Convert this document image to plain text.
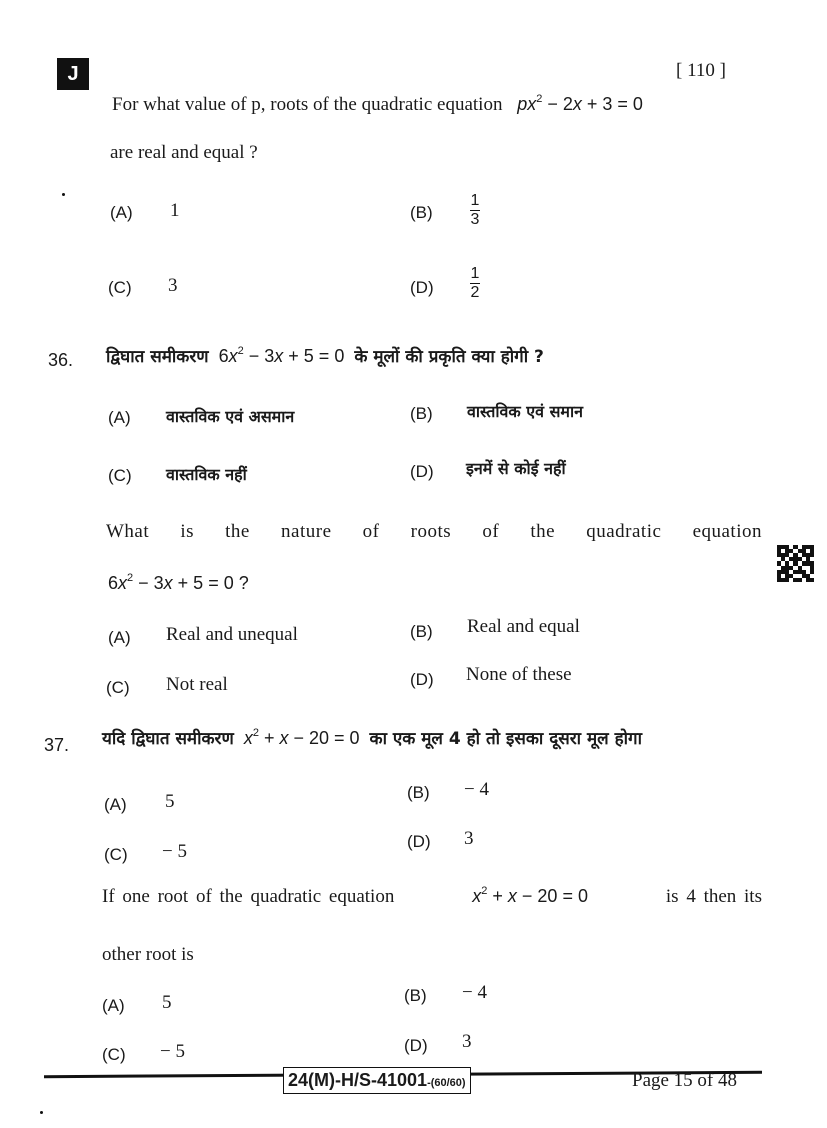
J	[ 110 ]
For what value of p, roots of the quadratic equation $px^2 - 2x + 3 = 0$
are real and equal ?
(A) 1	$(B) \frac{1}{3}$
(C) 3	$(D) \frac{1}{2}$
36. द्विघात समीकरण $6x^2 - 3x + 5 = 0$ के मूलों की प्रकृति क्या होगी ?
(A) वास्तविक एवं असमान	(B) वास्तविक एवं समान
(C) वास्तविक नहीं	(D) इनमें से कोई नहीं
What is the nature of roots of the quadratic equation
$6x^2 - 3x + 5 = 0$ ?
(A) Real and unequal	(B) Real and equal
(C) Not real	(D) None of these
37. यदि द्विघात समीकरण $x^2 + x - 20 = 0$ का एक मूल 4 हो तो इसका दूसरा मूल होगा
(A) 5	(B) − 4
(C) − 5	(D) 3
If one root of the quadratic equation	$x^2 + x - 20 = 0$	is 4 then its
other root is
(A) 5	(B) − 4
(C) − 5	(D) 3
24(M)-H/S-41001-(60/60)	Page 15 of 48
